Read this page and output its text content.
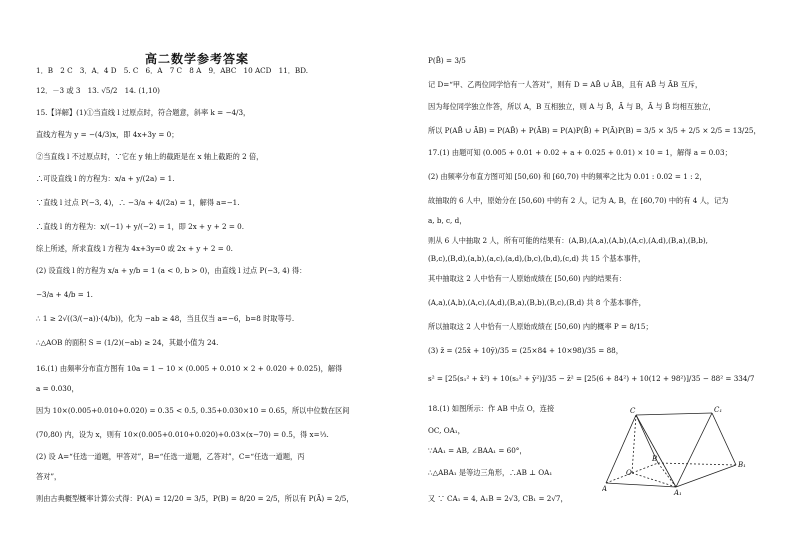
高二数学参考答案
1．B　2 C　3．A．4 D　5. C　6．A　7 C　8 A　9．ABC　10 ACD　11．BD.
12．－3 或 3　13. √5/2　14. (1,10)
15.【详解】(1)①当直线 l 过原点时，符合题意，斜率 k = −4/3，
直线方程为 y = −(4/3)x，即 4x+3y = 0；
②当直线 l 不过原点时，∵它在 y 轴上的截距是在 x 轴上截距的 2 倍，
∴可设直线 l 的方程为：x/a + y/(2a) = 1.
∵直线 l 过点 P(−3, 4)，∴ −3/a + 4/(2a) = 1，解得 a=−1.
∴直线 l 的方程为：x/(−1) + y/(−2) = 1，即 2x + y + 2 = 0.
综上所述，所求直线 l 方程为 4x+3y=0 或 2x + y + 2 = 0.
(2) 设直线 l 的方程为 x/a + y/b = 1 (a < 0, b > 0)，由直线 l 过点 P(−3, 4) 得：
−3/a + 4/b = 1.
∴ 1 ≥ 2√((3/(−a))·(4/b))，化为 −ab ≥ 48，当且仅当 a=−6，b=8 时取等号.
∴△AOB 的面积 S = (1/2)(−ab) ≥ 24，其最小值为 24.
16.(1) 由频率分布直方图有 10a = 1 − 10 × (0.005 + 0.010 × 2 + 0.020 + 0.025)，解得
a = 0.030，
因为 10×(0.005+0.010+0.020) = 0.35 < 0.5, 0.35+0.030×10 = 0.65，所以中位数在区间
(70,80) 内，设为 x，则有 10×(0.005+0.010+0.020)+0.03×(x−70) = 0.5，得 x=⅓.
(2) 设 A=“任选一道题，甲答对”，B=“任选一道题，乙答对”，C=“任选一道题，丙
答对”，
则由古典概型概率计算公式得：P(A) = 12/20 = 3/5，P(B) = 8/20 = 2/5，所以有 P(Ā) = 2/5，
P(B̄) = 3/5
记 D=“甲、乙两位同学恰有一人答对”，则有 D = AB̄ ∪ ĀB，且有 AB̄ 与 ĀB 互斥，
因为每位同学独立作答，所以 A，B 互相独立，则 A 与 B̄，Ā 与 B，Ā 与 B̄ 均相互独立，
所以 P(AB̄ ∪ ĀB) = P(AB̄) + P(ĀB) = P(A)P(B̄) + P(Ā)P(B) = 3/5 × 3/5 + 2/5 × 2/5 = 13/25，
17.(1) 由题可知 (0.005 + 0.01 + 0.02 + a + 0.025 + 0.01) × 10 = 1，解得 a = 0.03；
(2) 由频率分布直方图可知 [50,60) 和 [60,70) 中的频率之比为 0.01 : 0.02 = 1 : 2，
故抽取的 6 人中，原始分在 [50,60) 中的有 2 人，记为 A, B，在 [60,70) 中的有 4 人，记为
a, b, c, d，
则从 6 人中抽取 2 人，所有可能的结果有：(A,B),(A,a),(A,b),(A,c),(A,d),(B,a),(B,b),
(B,c),(B,d),(a,b),(a,c),(a,d),(b,c),(b,d),(c,d) 共 15 个基本事件，
其中抽取这 2 人中恰有一人原始成绩在 [50,60) 内的结果有：
(A,a),(A,b),(A,c),(A,d),(B,a),(B,b),(B,c),(B,d) 共 8 个基本事件，
所以抽取这 2 人中恰有一人原始成绩在 [50,60) 内的概率 P = 8/15；
(3) z̄ = (25x̄ + 10ȳ)/35 = (25×84 + 10×98)/35 = 88，
s² = [25(s₁² + x̄²) + 10(s₂² + ȳ²)]/35 − z̄² = [25(6 + 84²) + 10(12 + 98²)]/35 − 88² = 334/7
18.(1) 如图所示：作 AB 中点 O，连接
OC, OA₁，
∵AA₁ = AB, ∠BAA₁ = 60°，
∴△ABA₁ 是等边三角形，∴AB ⊥ OA₁
又 ∵ CA₁ = 4, A₁B = 2√3, CB₁ = 2√7，
C	C₁
B
B₁
O
A	A₁
